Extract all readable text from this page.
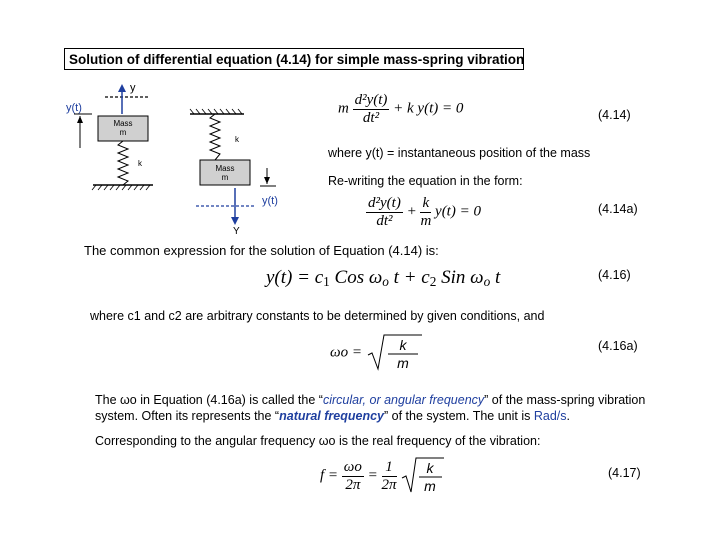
Solution of differential equation (4.14) for simple mass-spring vibration
y
y(t)
Mass
m
k
k
Mass
m
Y
y(t)
m $\frac{\text{d²y(t)}}{\text{dt²}} + k$ y(t) = 0	(4.14)
where y(t) = instantaneous position of the mass
Re-writing the equation in the form:
$\frac{\text{d²y(t)}}{\text{dt²}} + \frac{k}{m} y(t) = 0$	(4.14a)
The common expression for the solution of Equation (4.14) is:
$y(t) = c_1$ Cos $\omega_o$ $t + c_2$ Sin $\omega_o$ t	(4.16)
where c1 and c2 are arbitrary constants to be determined by given conditions, and
ωo =	k
m
(4.16a)
The ωo in Equation (4.16a) is called the “circular, or angular frequency” of the mass-spring vibration
system. Often its represents the “natural frequency” of the system. The unit is Rad/s.
Corresponding to the angular frequency ωo is the real frequency of the vibration:
$f = \frac{\omega o}{2\pi} = \frac{1}{2\pi}$
k
m
(4.17)
